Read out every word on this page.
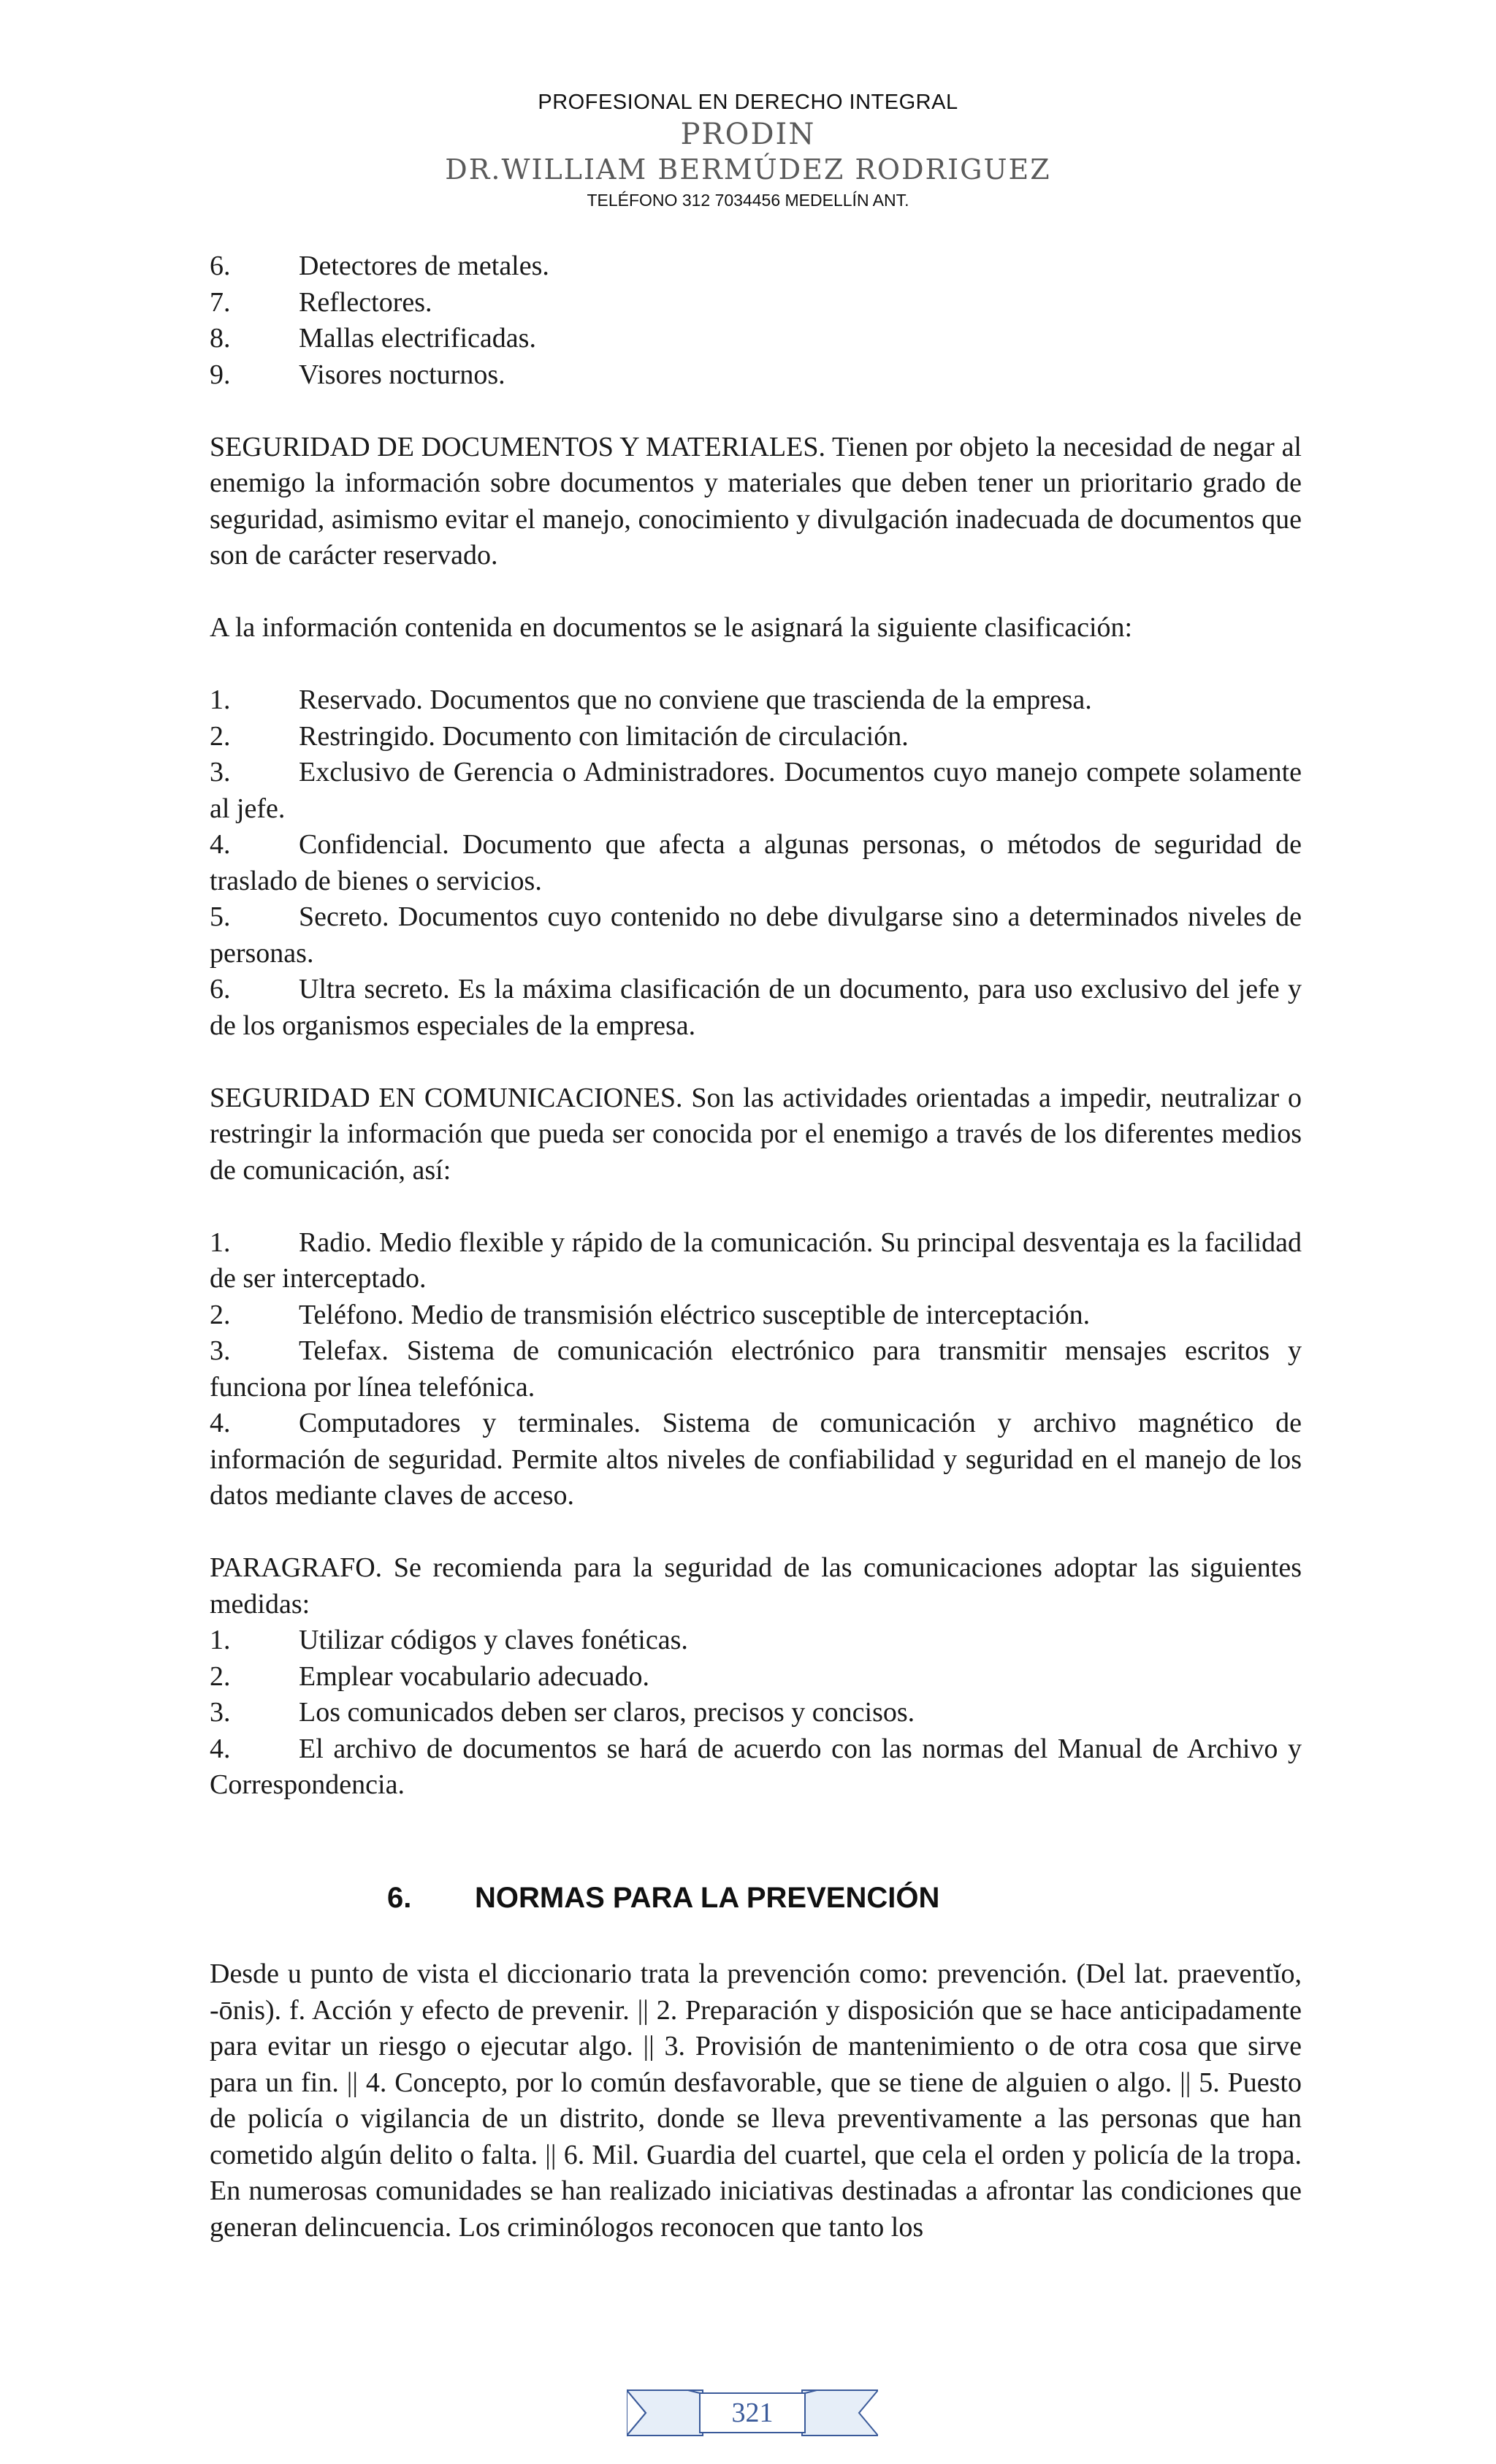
PROFESIONAL EN DERECHO INTEGRAL
PRODIN
DR.WILLIAM BERMÚDEZ RODRIGUEZ
TELÉFONO 312 7034456 MEDELLÍN ANT.

6. Detectores de metales.

7. Reflectores.

8. Mallas electrificadas.

9. Visores nocturnos.

SEGURIDAD DE DOCUMENTOS Y MATERIALES. Tienen por objeto la necesidad de negar al enemigo la información sobre documentos y materiales que deben tener un prioritario grado de seguridad, asimismo evitar el manejo, conocimiento y divulgación inadecuada de documentos que son de carácter reservado.

A la información contenida en documentos se le asignará la siguiente clasificación:

1. Reservado. Documentos que no conviene que trascienda de la empresa.

2. Restringido. Documento con limitación de circulación.

3. Exclusivo de Gerencia o Administradores. Documentos cuyo manejo compete solamente al jefe.

4. Confidencial. Documento que afecta a algunas personas, o métodos de seguridad de traslado de bienes o servicios.

5. Secreto. Documentos cuyo contenido no debe divulgarse sino a determinados niveles de personas.

6. Ultra secreto. Es la máxima clasificación de un documento, para uso exclusivo del jefe y de los organismos especiales de la empresa.

SEGURIDAD EN COMUNICACIONES. Son las actividades orientadas a impedir, neutralizar o restringir la información que pueda ser conocida por el enemigo a través de los diferentes medios de comunicación, así:

1. Radio. Medio flexible y rápido de la comunicación. Su principal desventaja es la facilidad de ser interceptado.

2. Teléfono. Medio de transmisión eléctrico susceptible de interceptación.

3. Telefax. Sistema de comunicación electrónico para transmitir mensajes escritos y funciona por línea telefónica.

4. Computadores y terminales. Sistema de comunicación y archivo magnético de información de seguridad. Permite altos niveles de confiabilidad y seguridad en el manejo de los datos mediante claves de acceso.

PARAGRAFO. Se recomienda para la seguridad de las comunicaciones adoptar las siguientes medidas:

1. Utilizar códigos y claves fonéticas.

2. Emplear vocabulario adecuado.

3. Los comunicados deben ser claros, precisos y concisos.

4. El archivo de documentos se hará de acuerdo con las normas del Manual de Archivo y Correspondencia.

6. NORMAS PARA LA PREVENCIÓN

Desde u punto de vista el diccionario trata la prevención como: prevención. (Del lat. praeventĭo, -ōnis). f. Acción y efecto de prevenir. || 2. Preparación y disposición que se hace anticipadamente para evitar un riesgo o ejecutar algo. || 3. Provisión de mantenimiento o de otra cosa que sirve para un fin. || 4. Concepto, por lo común desfavorable, que se tiene de alguien o algo. || 5. Puesto de policía o vigilancia de un distrito, donde se lleva preventivamente a las personas que han cometido algún delito o falta. || 6. Mil. Guardia del cuartel, que cela el orden y policía de la tropa. En numerosas comunidades se han realizado iniciativas destinadas a afrontar las condiciones que generan delincuencia. Los criminólogos reconocen que tanto los

321
